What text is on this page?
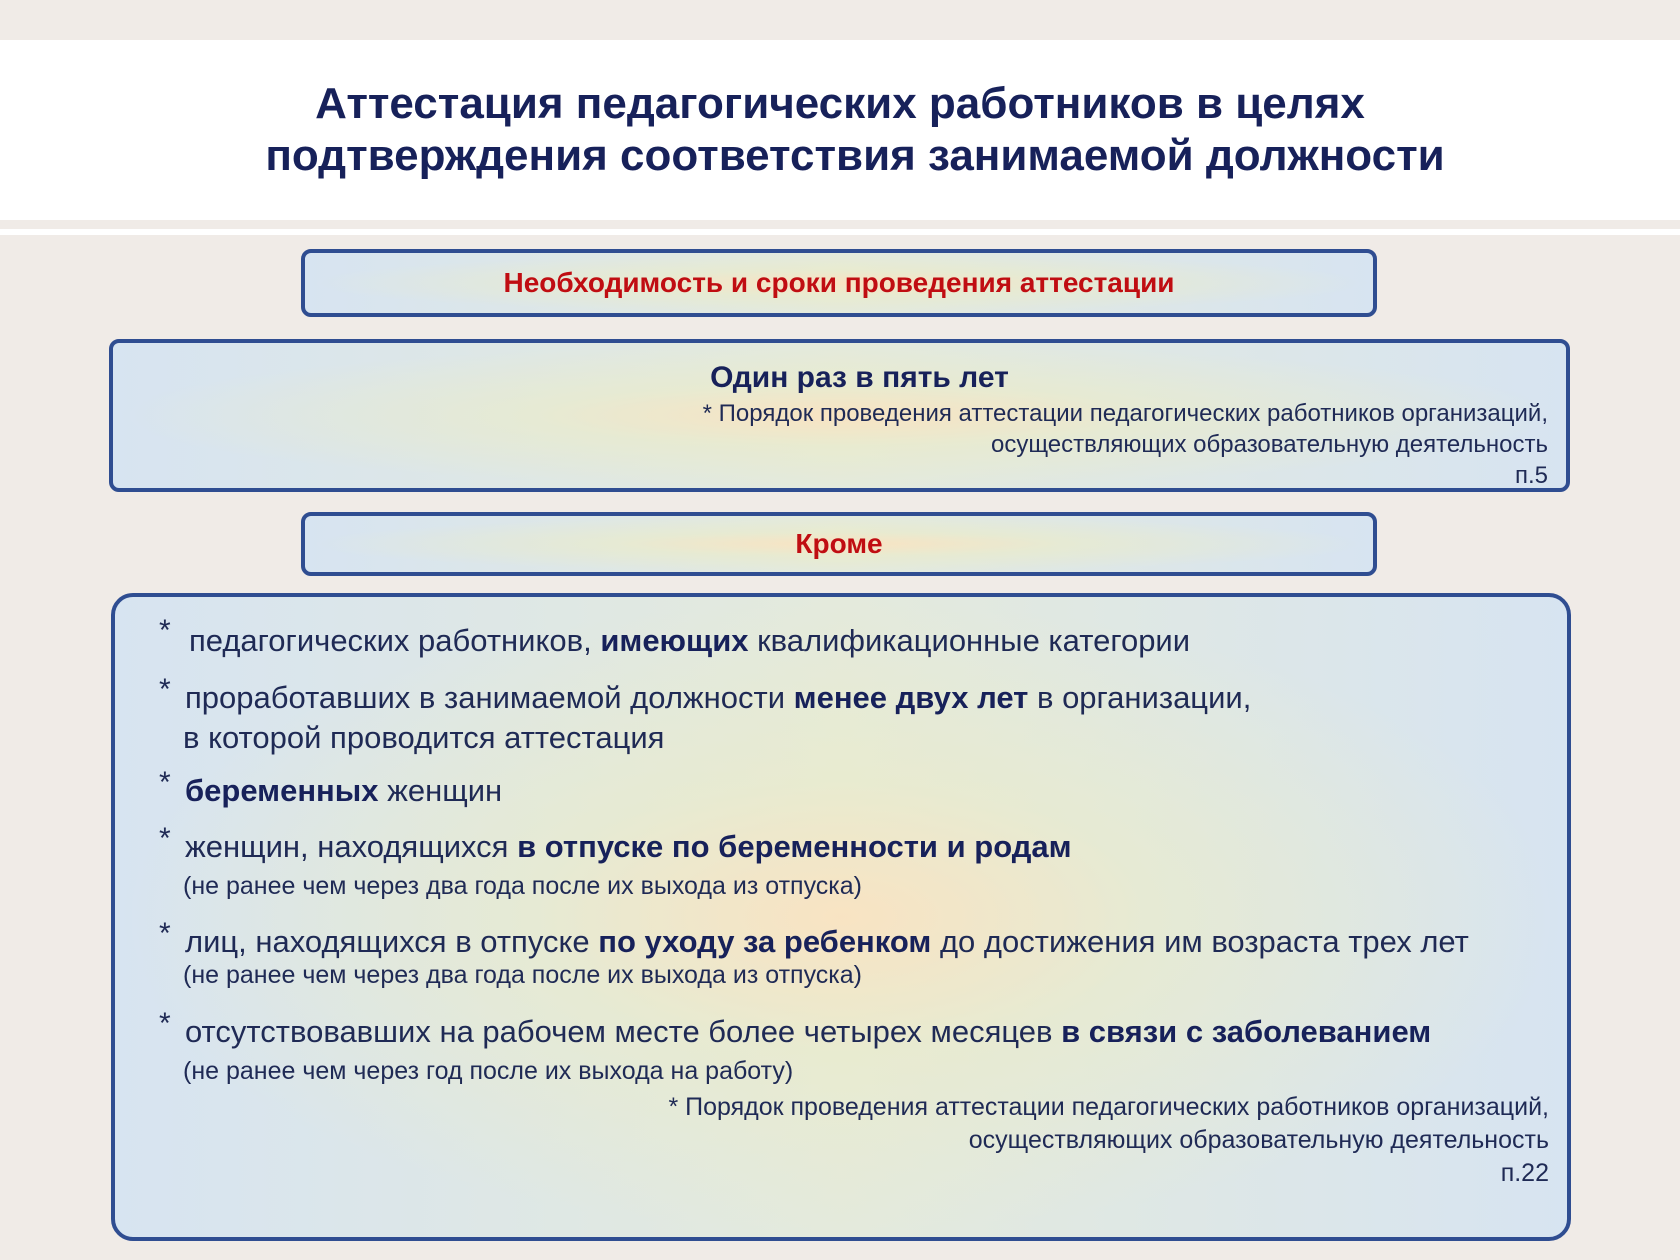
Аттестация педагогических работников в целях
подтверждения соответствия занимаемой должности
Необходимость и сроки проведения аттестации
Один раз в пять лет
* Порядок проведения аттестации педагогических работников организаций,
осуществляющих образовательную деятельность
п.5
Кроме
* педагогических работников, имеющих квалификационные категории
* проработавших в занимаемой должности менее двух лет в организации,
в которой проводится аттестация
* беременных женщин
* женщин, находящихся в отпуске по беременности и родам
(не ранее чем через два года после их выхода из отпуска)
* лиц, находящихся в отпуске по уходу за ребенком до достижения им возраста трех лет
(не ранее чем через два года после их выхода из отпуска)
* отсутствовавших на рабочем месте более четырех месяцев в связи с заболеванием
(не ранее чем через год после их выхода на работу)
* Порядок проведения аттестации педагогических работников организаций,
осуществляющих образовательную деятельность
п.22
